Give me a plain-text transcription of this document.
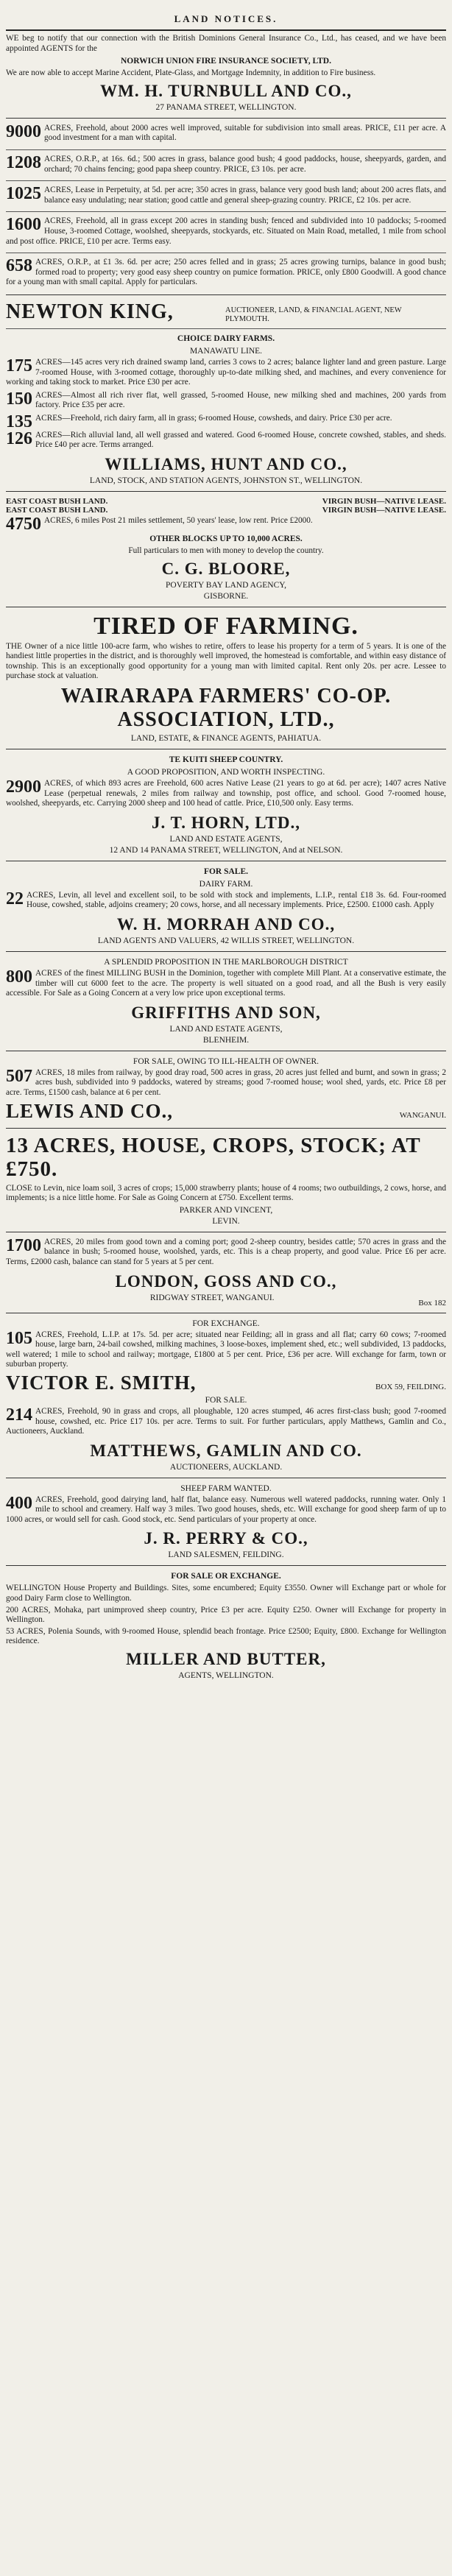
LAND NOTICES.

WE beg to notify that our connection with the British Dominions General Insurance Co., Ltd., has ceased, and we have been appointed AGENTS for the

NORWICH UNION FIRE INSURANCE SOCIETY, LTD.

We are now able to accept Marine Accident, Plate-Glass, and Mortgage Indemnity, in addition to Fire business.

WM. H. TURNBULL AND CO.,
27 PANAMA STREET, WELLINGTON.
9000 ACRES, Freehold, about 2000 acres well improved, suitable for subdivision into small areas. PRICE, £11 per acre. A good investment for a man with capital.

1208 ACRES, O.R.P., at 16s. 6d.; 500 acres in grass, balance good bush; 4 good paddocks, house, sheepyards, garden, and orchard; 70 chains fencing; good papa sheep country. PRICE, £3 10s. per acre.

1025 ACRES, Lease in Perpetuity, at 5d. per acre; 350 acres in grass, balance very good bush land; about 200 acres flats, and balance easy undulating; near station; good cattle and general sheep-grazing country. PRICE, £2 10s. per acre.

1600 ACRES, Freehold, all in grass except 200 acres in standing bush; fenced and subdivided into 10 paddocks; 5-roomed House, 3-roomed Cottage, woolshed, sheepyards, stockyards, etc. Situated on Main Road, metalled, 1 mile from school and post office. PRICE, £10 per acre. Terms easy.

658 ACRES, O.R.P., at £1 3s. 6d. per acre; 250 acres felled and in grass; 25 acres growing turnips, balance in good bush; formed road to property; very good easy sheep country on pumice formation. PRICE, only £800 Goodwill. A good chance for a young man with small capital. Apply for particulars.

NEWTON KING,	AUCTIONEER, LAND, & FINANCIAL AGENT, NEW PLYMOUTH.
CHOICE DAIRY FARMS.
MANAWATU LINE.
175 ACRES—145 acres very rich drained swamp land, carries 3 cows to 2 acres; balance lighter land and green pasture. Large 7-roomed House, with 3-roomed cottage, thoroughly up-to-date milking shed, and machines, and every convenience for working and taking stock to market. Price £30 per acre.

150 ACRES—Almost all rich river flat, well grassed, 5-roomed House, new milking shed and machines, 200 yards from factory. Price £35 per acre.

135 ACRES—Freehold, rich dairy farm, all in grass; 6-roomed House, cowsheds, and dairy. Price £30 per acre.

126 ACRES—Rich alluvial land, all well grassed and watered. Good 6-roomed House, concrete cowshed, stables, and sheds. Price £40 per acre. Terms arranged.

WILLIAMS, HUNT AND CO.,
LAND, STOCK, AND STATION AGENTS, JOHNSTON ST., WELLINGTON.
EAST COAST BUSH LAND.	VIRGIN BUSH—NATIVE LEASE.
EAST COAST BUSH LAND.	VIRGIN BUSH—NATIVE LEASE.
4750 ACRES, 6 miles Post 21 miles settlement, 50 years' lease, low rent. Price £2000.

OTHER BLOCKS UP TO 10,000 ACRES.

Full particulars to men with money to develop the country.

C. G. BLOORE,
POVERTY BAY LAND AGENCY,
GISBORNE.
TIRED OF FARMING.

THE Owner of a nice little 100-acre farm, who wishes to retire, offers to lease his property for a term of 5 years. It is one of the handiest little properties in the district, and is thoroughly well improved, the homestead is comfortable, and within easy distance of township. This is an exceptionally good opportunity for a young man with limited capital. Rent only 20s. per acre. Lessee to purchase stock at valuation.

WAIRARAPA FARMERS' CO-OP. ASSOCIATION, LTD.,
LAND, ESTATE, & FINANCE AGENTS, PAHIATUA.
TE KUITI SHEEP COUNTRY.
A GOOD PROPOSITION, AND WORTH INSPECTING.
2900 ACRES, of which 893 acres are Freehold, 600 acres Native Lease (21 years to go at 6d. per acre); 1407 acres Native Lease (perpetual renewals, 2 miles from railway and township, post office, and school. Good 7-roomed house, woolshed, sheepyards, etc. Carrying 2000 sheep and 100 head of cattle. Price, £10,500 only. Easy terms.

J. T. HORN, LTD.,
LAND AND ESTATE AGENTS,
12 AND 14 PANAMA STREET, WELLINGTON, And at NELSON.
FOR SALE.
DAIRY FARM.
22 ACRES, Levin, all level and excellent soil, to be sold with stock and implements, L.I.P., rental £18 3s. 6d. Four-roomed House, cowshed, stable, adjoins creamery; 20 cows, horse, and all necessary implements. Price, £2500. £1000 cash. Apply

W. H. MORRAH AND CO.,
LAND AGENTS AND VALUERS, 42 WILLIS STREET, WELLINGTON.
A SPLENDID PROPOSITION IN THE MARLBOROUGH DISTRICT
800 ACRES of the finest MILLING BUSH in the Dominion, together with complete Mill Plant. At a conservative estimate, the timber will cut 6000 feet to the acre. The property is well situated on a good road, and all the Bush is very easily accessible. For Sale as a Going Concern at a very low price upon exceptional terms.

GRIFFITHS AND SON,
LAND AND ESTATE AGENTS,
BLENHEIM.
FOR SALE, OWING TO ILL-HEALTH OF OWNER.
507 ACRES, 18 miles from railway, by good dray road, 500 acres in grass, 20 acres just felled and burnt, and sown in grass; 2 acres bush, subdivided into 9 paddocks, watered by streams; good 7-roomed house; wool shed, yards, etc. Price £8 per acre. Terms, £1500 cash, balance at 6 per cent.

LEWIS AND CO.,	WANGANUI.
13 ACRES, HOUSE, CROPS, STOCK; AT £750.

CLOSE to Levin, nice loam soil, 3 acres of crops; 15,000 strawberry plants; house of 4 rooms; two outbuildings, 2 cows, horse, and implements; is a nice little home. For Sale as Going Concern at £750. Excellent terms.

PARKER AND VINCENT,
LEVIN.
1700 ACRES, 20 miles from good town and a coming port; good 2-sheep country, besides cattle; 570 acres in grass and the balance in bush; 5-roomed house, woolshed, yards, etc. This is a cheap property, and good value. Price £6 per acre. Terms, £2000 cash, balance can stand for 5 years at 5 per cent.

LONDON, GOSS AND CO.,
Box 182
RIDGWAY STREET, WANGANUI.
FOR EXCHANGE.
105 ACRES, Freehold, L.I.P. at 17s. 5d. per acre; situated near Feilding; all in grass and all flat; carry 60 cows; 7-roomed house, large barn, 24-bail cowshed, milking machines, 3 loose-boxes, implement shed, etc.; well subdivided, 13 paddocks, well watered; 1 mile to school and railway; mortgage, £1800 at 5 per cent. Price, £36 per acre. Will exchange for farm, town or suburban property.

VICTOR E. SMITH,	BOX 59, FEILDING.
FOR SALE.
214 ACRES, Freehold, 90 in grass and crops, all ploughable, 120 acres stumped, 46 acres first-class bush; good 7-roomed house, cowshed, etc. Price £17 10s. per acre. Terms to suit. For further particulars, apply Matthews, Gamlin and Co., Auctioneers, Auckland.

MATTHEWS, GAMLIN AND CO.
AUCTIONEERS, AUCKLAND.
SHEEP FARM WANTED.
400 ACRES, Freehold, good dairying land, half flat, balance easy. Numerous well watered paddocks, running water. Only 1 mile to school and creamery. Half way 3 miles. Two good houses, sheds, etc. Will exchange for good sheep farm of up to 1000 acres, or would sell for cash. Good stock, etc. Send particulars of your property at once.

J. R. PERRY & CO.,
LAND SALESMEN, FEILDING.
FOR SALE OR EXCHANGE.

WELLINGTON House Property and Buildings. Sites, some encumbered; Equity £3550. Owner will Exchange part or whole for good Dairy Farm close to Wellington.

200 ACRES, Mohaka, part unimproved sheep country, Price £3 per acre. Equity £250. Owner will Exchange for property in Wellington.

53 ACRES, Polenia Sounds, with 9-roomed House, splendid beach frontage. Price £2500; Equity, £800. Exchange for Wellington residence.

MILLER AND BUTTER,
AGENTS, WELLINGTON.
